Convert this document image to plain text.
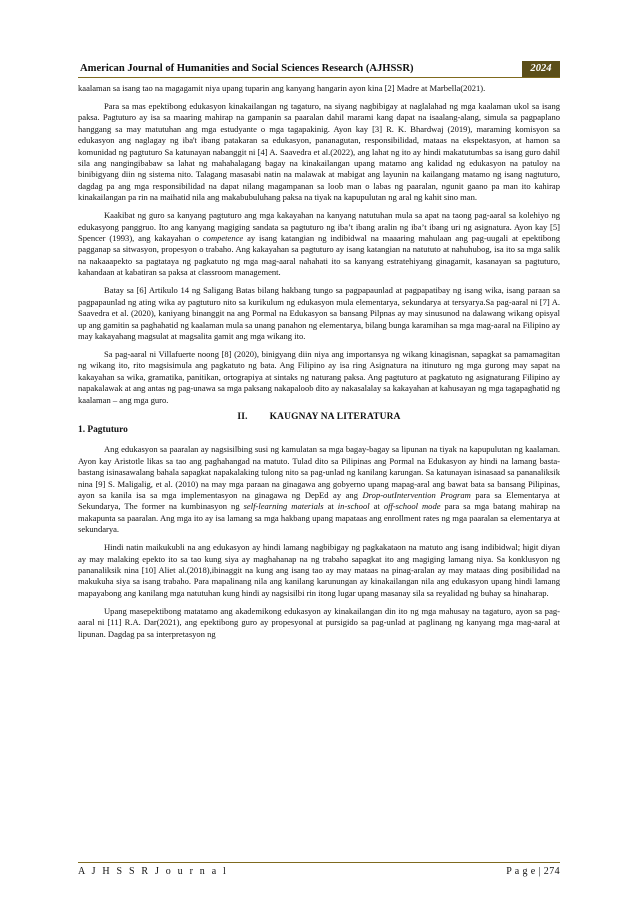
American Journal of Humanities and Social Sciences Research (AJHSSR)	2024

kaalaman sa isang tao na magagamit niya upang tuparin ang kanyang hangarin ayon kina [2] Madre at Marbella(2021).

Para sa mas epektibong edukasyon kinakailangan ng tagaturo, na siyang nagbibigay at naglalahad ng mga kaalaman ukol sa isang paksa. Pagtuturo ay isa sa maaring mahirap na gampanin sa paaralan dahil marami kang dapat na isaalang-alang, simula sa pagpaplano hanggang sa may matutuhan ang mga estudyante o mga tagapakinig. Ayon kay [3] R. K. Bhardwaj (2019), maraming komisyon sa edukasyon ang naglagay ng iba't ibang patakaran sa edukasyon, pananagutan, responsibilidad, mataas na ekspektasyon, at hamon sa komunidad ng pagtuturo Sa katunayan nabanggit ni [4] A. Saavedra et al.(2022), ang lahat ng ito ay hindi makatutumbas sa isang guro dahil sila ang nangingibabaw sa lahat ng mahahalagang bagay na kinakailangan upang matamo ang kalidad ng edukasyon na patuloy na binibigyang diin ng sistema nito. Talagang masasabi natin na malawak at mabigat ang layunin na kailangang matamo ng isang nagtuturo, dagdag pa ang mga responsibilidad na dapat nilang magampanan sa loob man o labas ng paaralan, ngunit gaano pa man ito kahirap kinakailangan pa rin na maihatid nila ang makabubuluhang paksa na tiyak na kapupulutan ng aral ng kahit sino man.

Kaakibat ng guro sa kanyang pagtuturo ang mga kakayahan na kanyang natutuhan mula sa apat na taong pag-aaral sa kolehiyo ng edukasyong panggruo. Ito ang kanyang magiging sandata sa pagtuturo ng iba’t ibang aralin ng iba’t ibang uri ng asignatura. Ayon kay [5] Spencer (1993), ang kakayahan o competence ay isang katangian ng indibidwal na maaaring mahulaan ang pag-uugali at epektibong pagganap sa sitwasyon, propesyon o trabaho. Ang kakayahan sa pagtuturo ay isang katangian na natututo at nahuhubog, isa ito sa mga salik na nakaaapekto sa pagtataya ng pagkatuto ng mga mag-aaral nahahati ito sa kanyang estratehiyang ginagamit, kasanayan sa pagtuturo, kahandaan at kabatiran sa paksa at classroom management.

Batay sa [6] Artikulo 14 ng Saligang Batas bilang hakbang tungo sa pagpapaunlad at pagpapatibay ng isang wika, isang paraan sa pagpapaunlad ng ating wika ay pagtuturo nito sa kurikulum ng edukasyon mula elementarya, sekundarya at tersyarya.Sa pag-aaral ni [7] A. Saavedra et al. (2020), kaniyang binanggit na ang Pormal na Edukasyon sa bansang Pilpnas ay may sinusunod na dalawang wikang opisyal up ang gamitin sa paghahatid ng kaalaman mula sa unang panahon ng elementarya, bilang bunga karamihan sa mga mag-aaral na Filipino ay may kakayahang magsulat at magsalita gamit ang mga wikang ito.

Sa pag-aaral ni Villafuerte noong [8] (2020), binigyang diin niya ang importansya ng wikang kinagisnan, sapagkat sa pamamagitan ng wikang ito, rito magsisimula ang pagkatuto ng bata. Ang Filipino ay isa ring Asignatura na itinuturo ng mga gurong may sapat na kakayahan sa wika, gramatika, panitikan, ortograpiya at sintaks ng naturang paksa. Ang pagtuturo at pagkatuto ng asignaturang Filipino ay napakalawak at ang antas ng pag-unawa sa mga paksang nakapaloob dito ay nakasalalay sa kakayahan at kahusayan ng mga tagapaghatid ng kaalaman – ang mga guro.

II. KAUGNAY NA LITERATURA
1. Pagtuturo

Ang edukasyon sa paaralan ay nagsisilbing susi ng kamulatan sa mga bagay-bagay sa lipunan na tiyak na kapupulutan ng kaalaman. Ayon kay Aristotle likas sa tao ang paghahangad na matuto. Tulad dito sa Pilipinas ang Pormal na Edukasyon ay hindi na lamang basta-bastang isinasawalang bahala sapagkat napakalaking tulong nito sa pag-unlad ng kanilang karungan. Sa katunayan isinasaad sa pananaliksik nina [9] S. Maligalig, et al. (2010) na may mga paraan na ginagawa ang gobyerno upang mapag-aral ang bawat bata sa bansang Pilipinas, ayon sa kanila isa sa mga implementasyon na ginagawa ng DepEd ay ang Drop-outIntervention Program para sa Elementarya at Sekundarya, The former na kumbinasyon ng self-learning materials at in-school at off-school mode para sa mga batang mahirap na makapunta sa paaralan. Ang mga ito ay isa lamang sa mga hakbang upang mapataas ang enrollment rates ng mga paaralan sa elementarya at sekundarya.

Hindi natin maikukubli na ang edukasyon ay hindi lamang nagbibigay ng pagkakataon na matuto ang isang indibidwal; higit diyan ay may malaking epekto ito sa tao kung siya ay maghahanap na ng trabaho sapagkat ito ang magiging lamang niya. Sa konklusyon ng pananaliksik nina [10] Aliet al.(2018),ibinaggit na kung ang isang tao ay may mataas na pinag-aralan ay may mataas ding posibilidad na makukuha siya sa isang trabaho. Para mapalinang nila ang kanilang karunungan ay kinakailangan nila ang edukasyon upang hindi lamang mapayabong ang kanilang mga natutuhan kung hindi ay nagsisilbi rin itong lugar upang masanay sila sa reyalidad ng buhay sa hinaharap.

Upang masepektibong matatamo ang akademikong edukasyon ay kinakailangan din ito ng mga mahusay na tagaturo, ayon sa pag-aaral ni [11] R.A. Dar(2021), ang epektibong guro ay propesyonal at pursigido sa pag-unlad at paglinang ng kanyang mga mag-aaral at lipunan. Dagdag pa sa interpretasyon ng

A J H S S R J o u r n a l	P a g e | 274
